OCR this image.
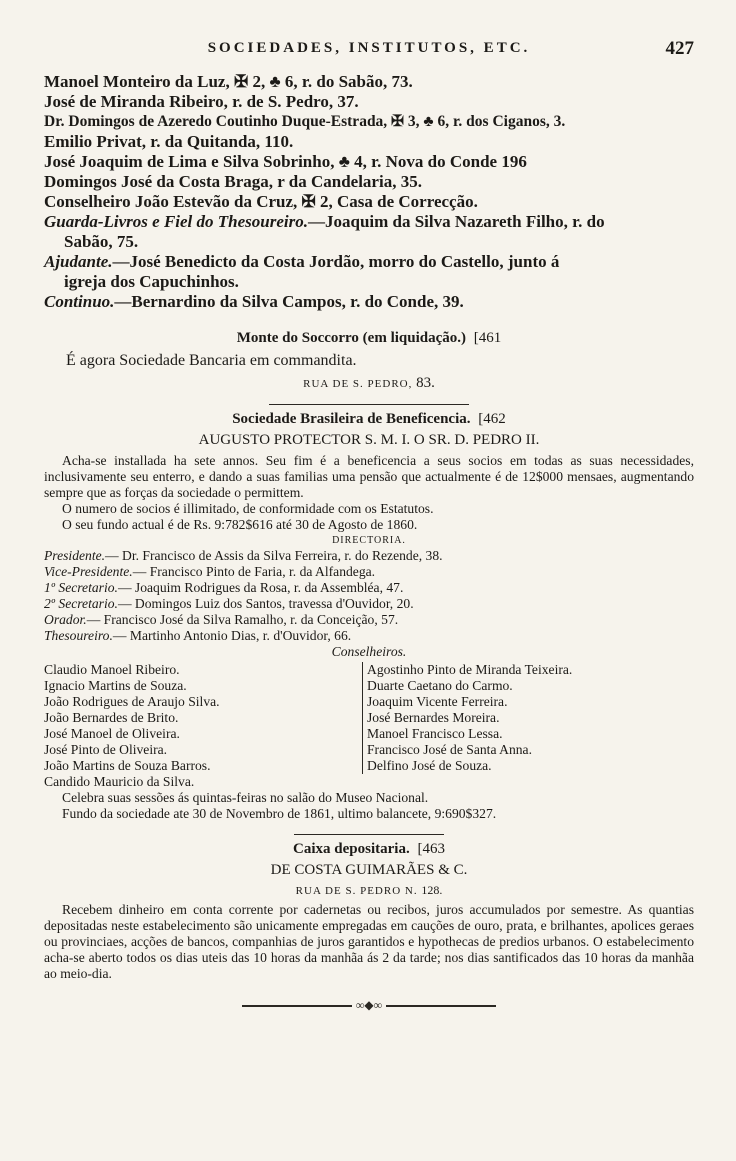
SOCIEDADES, INSTITUTOS, ETC.	427

Manoel Monteiro da Luz, ✠ 2, ♣ 6, r. do Sabão, 73.

José de Miranda Ribeiro, r. de S. Pedro, 37.

Dr. Domingos de Azeredo Coutinho Duque-Estrada, ✠ 3, ♣ 6, r. dos Ciganos, 3.

Emilio Privat, r. da Quitanda, 110.

José Joaquim de Lima e Silva Sobrinho, ♣ 4, r. Nova do Conde 196

Domingos José da Costa Braga, r da Candelaria, 35.

Conselheiro João Estevão da Cruz, ✠ 2, Casa de Correcção.

Guarda-Livros e Fiel do Thesoureiro.—Joaquim da Silva Nazareth Filho, r. do

Sabão, 75.

Ajudante.—José Benedicto da Costa Jordão, morro do Castello, junto á

igreja dos Capuchinhos.

Continuo.—Bernardino da Silva Campos, r. do Conde, 39.

Monte do Soccorro (em liquidação.) [461

É agora Sociedade Bancaria em commandita.

RUA DE S. PEDRO, 83.
Sociedade Brasileira de Beneficencia. [462
AUGUSTO PROTECTOR S. M. I. O SR. D. PEDRO II.

Acha-se installada ha sete annos. Seu fim é a beneficencia a seus socios em todas as suas necessidades, inclusivamente seu enterro, e dando a suas familias uma pensão que actualmente é de 12$000 mensaes, augmentando sempre que as forças da sociedade o permittem.

O numero de socios é illimitado, de conformidade com os Estatutos.

O seu fundo actual é de Rs. 9:782$616 até 30 de Agosto de 1860.

DIRECTORIA.

Presidente.— Dr. Francisco de Assis da Silva Ferreira, r. do Rezende, 38.

Vice-Presidente.— Francisco Pinto de Faria, r. da Alfandega.

1º Secretario.— Joaquim Rodrigues da Rosa, r. da Assembléa, 47.

2º Secretario.— Domingos Luiz dos Santos, travessa d'Ouvidor, 20.

Orador.— Francisco José da Silva Ramalho, r. da Conceição, 57.

Thesoureiro.— Martinho Antonio Dias, r. d'Ouvidor, 66.

Conselheiros.
Claudio Manoel Ribeiro.
Ignacio Martins de Souza.
João Rodrigues de Araujo Silva.
João Bernardes de Brito.
José Manoel de Oliveira.
José Pinto de Oliveira.
João Martins de Souza Barros.
Candido Mauricio da Silva.
Agostinho Pinto de Miranda Teixeira.
Duarte Caetano do Carmo.
Joaquim Vicente Ferreira.
José Bernardes Moreira.
Manoel Francisco Lessa.
Francisco José de Santa Anna.
Delfino José de Souza.

Celebra suas sessões ás quintas-feiras no salão do Museo Nacional.

Fundo da sociedade ate 30 de Novembro de 1861, ultimo balancete, 9:690$327.

Caixa depositaria. [463
DE COSTA GUIMARÃES & C.
RUA DE S. PEDRO N. 128.

Recebem dinheiro em conta corrente por cadernetas ou recibos, juros accumulados por semestre. As quantias depositadas neste estabelecimento são unicamente empregadas em cauções de ouro, prata, e brilhantes, apolices geraes ou provinciaes, acções de bancos, companhias de juros garantidos e hypothecas de predios urbanos. O estabelecimento acha-se aberto todos os dias uteis das 10 horas da manhãa ás 2 da tarde; nos dias santificados das 10 horas da manhãa ao meio-dia.

∞◆∞
